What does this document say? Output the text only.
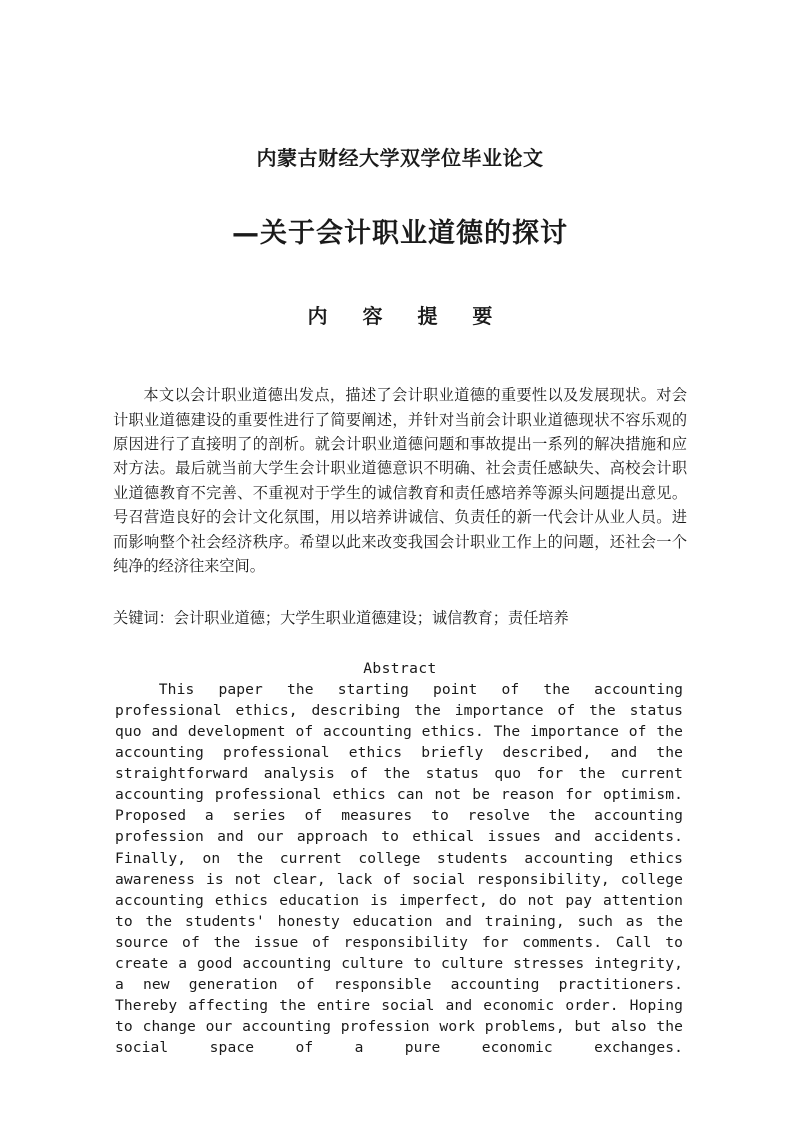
内蒙古财经大学双学位毕业论文
—关于会计职业道德的探讨
内 容 提 要

本文以会计职业道德出发点，描述了会计职业道德的重要性以及发展现状。对会计职业道德建设的重要性进行了简要阐述，并针对当前会计职业道德现状不容乐观的原因进行了直接明了的剖析。就会计职业道德问题和事故提出一系列的解决措施和应对方法。最后就当前大学生会计职业道德意识不明确、社会责任感缺失、高校会计职业道德教育不完善、不重视对于学生的诚信教育和责任感培养等源头问题提出意见。号召营造良好的会计文化氛围，用以培养讲诚信、负责任的新一代会计从业人员。进而影响整个社会经济秩序。希望以此来改变我国会计职业工作上的问题，还社会一个纯净的经济往来空间。

关键词：会计职业道德；大学生职业道德建设；诚信教育；责任培养

Abstract

This paper the starting point of the accounting professional ethics, describing the importance of the status quo and development of accounting ethics. The importance of the accounting professional ethics briefly described, and the straightforward analysis of the status quo for the current accounting professional ethics can not be reason for optimism. Proposed a series of measures to resolve the accounting profession and our approach to ethical issues and accidents. Finally, on the current college students accounting ethics awareness is not clear, lack of social responsibility, college accounting ethics education is imperfect, do not pay attention to the students' honesty education and training, such as the source of the issue of responsibility for comments. Call to create a good accounting culture to culture stresses integrity, a new generation of responsible accounting practitioners. Thereby affecting the entire social and economic order. Hoping to change our accounting profession work problems, but also the social space of a pure economic exchanges.
